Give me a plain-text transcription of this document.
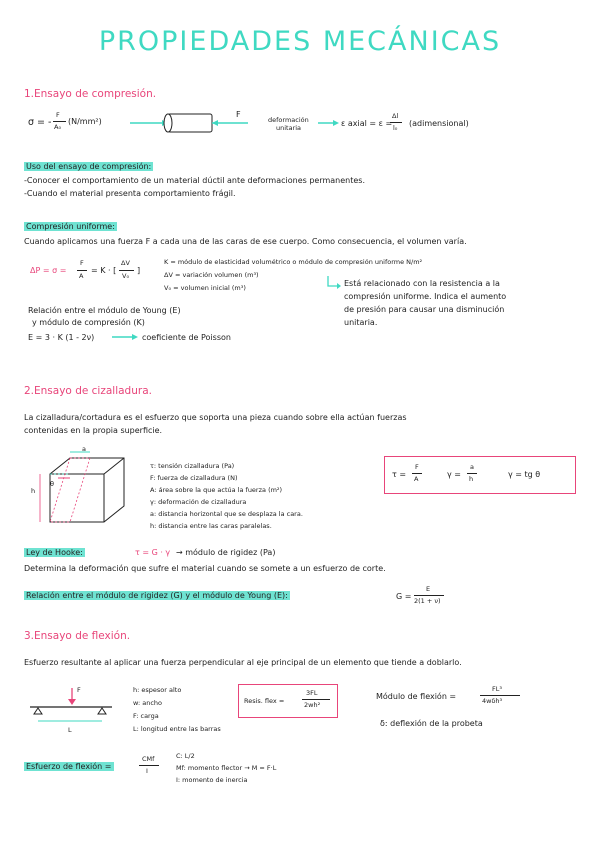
PROPIEDADES MECÁNICAS
1.Ensayo de compresión.
σ = -
F
A₀
(N/mm²)
F
deformación
unitaria	ε axial = ε =
Δl
l₀ (adimensional)
Uso del ensayo de compresión:
-Conocer el comportamiento de un material dúctil ante deformaciones permanentes.
-Cuando el material presenta comportamiento frágil.
Compresión uniforme:
Cuando aplicamos una fuerza F a cada una de las caras de ese cuerpo. Como consecuencia, el volumen varía.
ΔP = σ =
F
A
= K · [
ΔV
V₀
]
K = módulo de elasticidad volumétrico o módulo de compresión uniforme N/m²
ΔV = variación volumen (m³)
V₀ = volumen inicial (m³)	Está relacionado con la resistencia a la
compresión uniforme. Indica el aumento
de presión para causar una disminución
unitaria.
Relación entre el módulo de Young (E)
y módulo de compresión (K)
E = 3 · K (1 - 2ν)	coeficiente de Poisson
2.Ensayo de cizalladura.
La cizalladura/cortadura es el esfuerzo que soporta una pieza cuando sobre ella actúan fuerzas
contenidas en la propia superficie.
a
h
θ
τ: tensión cizalladura (Pa)
F: fuerza de cizalladura (N)
A: área sobre la que actúa la fuerza (m²)
γ: deformación de cizalladura
a: distancia horizontal que se desplaza la cara.
h: distancia entre las caras paralelas.
τ =
F
A	γ =
a
h	γ = tg θ
Ley de Hooke:	τ = G · γ → módulo de rigidez (Pa)
Determina la deformación que sufre el material cuando se somete a un esfuerzo de corte.
Relación entre el módulo de rigidez (G) y el módulo de Young (E):	G =
E
2(1 + ν)
3.Ensayo de flexión.
Esfuerzo resultante al aplicar una fuerza perpendicular al eje principal de un elemento que tiende a doblarlo.
F
L
h: espesor alto
w: ancho
F: carga
L: longitud entre las barras
Resis. flex =
3FL
2wh²
Módulo de flexión =
FL³
4wδh³
δ: deflexión de la probeta
Esfuerzo de flexión =
CMf
I
C: L/2
Mf: momento flector → M = F·L
I: momento de inercia
